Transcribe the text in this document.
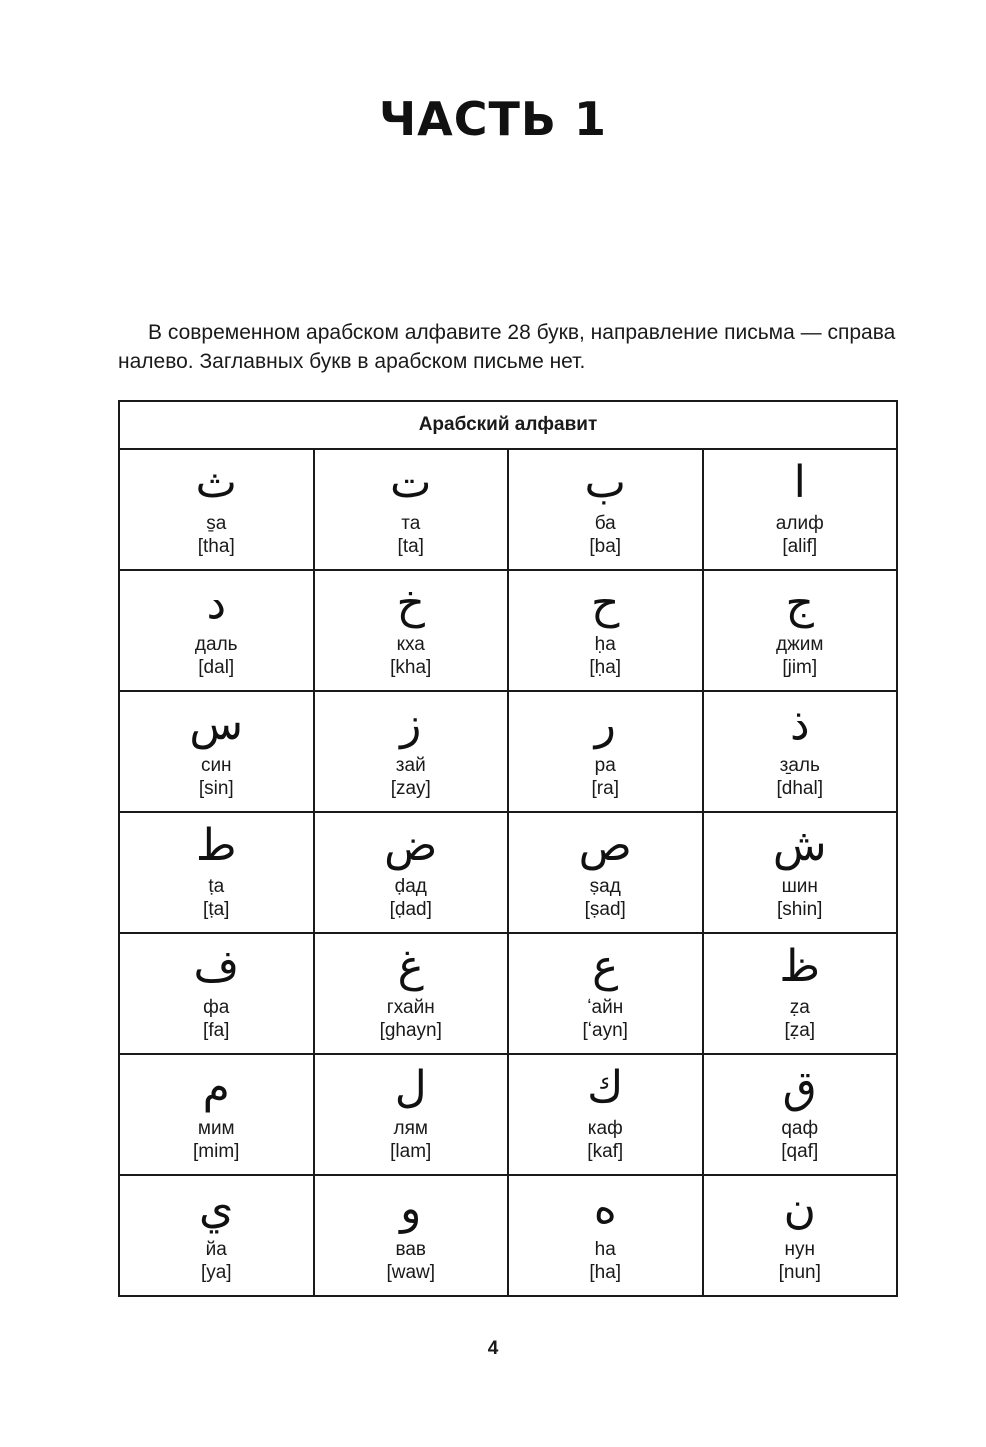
ЧАСТЬ 1

В современном арабском алфавите 28 букв, направление письма — справа налево. Заглавных букв в арабском письме нет.

Арабский алфавит			

ث
s̱а
[tha]	ت
та
[ta]	ب
ба
[ba]	ا
алиф
[alif]

د
даль
[dal]	خ
кха
[kha]	ح
ḥа
[ḥa]	ج
джим
[jim]

س
син
[sin]	ز
зай
[zay]	ر
ра
[ra]	ذ
з̱аль
[dhal]

ط
ṭа
[ṭa]	ض
ḍад
[ḍad]	ص
ṣад
[ṣad]	ش
шин
[shin]

ف
фа
[fa]	غ
гхайн
[ghayn]	ع
ʻайн
[ʻayn]	ظ
ẓа
[ẓa]

م
мим
[mim]	ل
лям
[lam]	ك
каф
[kaf]	ق
qаф
[qaf]

ي
йа
[ya]	و
вав
[waw]	ه
hа
[ha]	ن
нун
[nun]

4
